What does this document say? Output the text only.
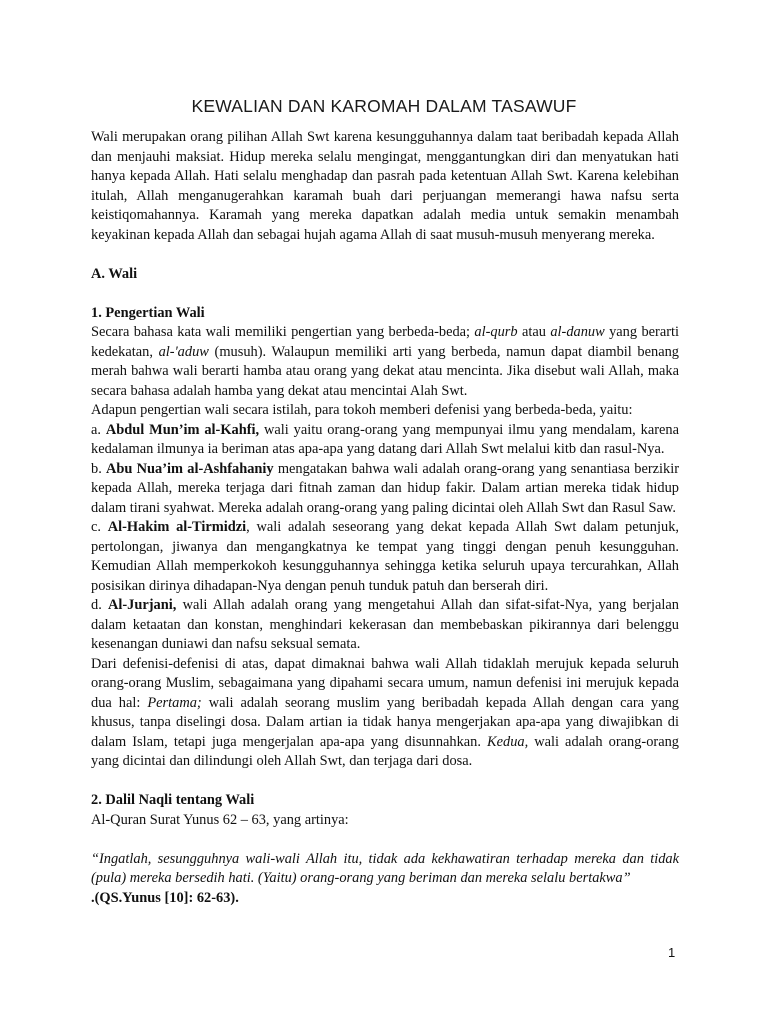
KEWALIAN DAN KAROMAH DALAM TASAWUF

Wali merupakan orang pilihan Allah Swt karena kesungguhannya dalam taat beribadah kepada Allah dan menjauhi maksiat. Hidup mereka selalu mengingat, menggantungkan diri dan menyatukan hati hanya kepada Allah. Hati selalu menghadap dan pasrah pada ketentuan Allah Swt. Karena kelebihan itulah, Allah menganugerahkan karamah buah dari perjuangan memerangi hawa nafsu serta keistiqomahannya. Karamah yang mereka dapatkan adalah media untuk semakin menambah keyakinan kepada Allah dan sebagai hujah agama Allah di saat musuh-musuh menyerang mereka.

A. Wali

1. Pengertian Wali

Secara bahasa kata wali memiliki pengertian yang berbeda-beda; al-qurb atau al-danuw yang berarti kedekatan, al-'aduw (musuh). Walaupun memiliki arti yang berbeda, namun dapat diambil benang merah bahwa wali berarti hamba atau orang yang dekat atau mencinta. Jika disebut wali Allah, maka secara bahasa adalah hamba yang dekat atau mencintai Alah Swt.

Adapun pengertian wali secara istilah, para tokoh memberi defenisi yang berbeda-beda, yaitu:

a. Abdul Mun’im al-Kahfi, wali yaitu orang-orang yang mempunyai ilmu yang mendalam, karena kedalaman ilmunya ia beriman atas apa-apa yang datang dari Allah Swt melalui kitb dan rasul-Nya.

b. Abu Nua’im al-Ashfahaniy mengatakan bahwa wali adalah orang-orang yang senantiasa berzikir kepada Allah, mereka terjaga dari fitnah zaman dan hidup fakir. Dalam artian mereka tidak hidup dalam tirani syahwat. Mereka adalah orang-orang yang paling dicintai oleh Allah Swt dan Rasul Saw.

c. Al-Hakim al-Tirmidzi, wali adalah seseorang yang dekat kepada Allah Swt dalam petunjuk, pertolongan, jiwanya dan mengangkatnya ke tempat yang tinggi dengan penuh kesungguhan. Kemudian Allah memperkokoh kesungguhannya sehingga ketika seluruh upaya tercurahkan, Allah posisikan dirinya dihadapan-Nya dengan penuh tunduk patuh dan berserah diri.

d. Al-Jurjani, wali Allah adalah orang yang mengetahui Allah dan sifat-sifat-Nya, yang berjalan dalam ketaatan dan konstan, menghindari kekerasan dan membebaskan pikirannya dari belenggu kesenangan duniawi dan nafsu seksual semata.

Dari defenisi-defenisi di atas, dapat dimaknai bahwa wali Allah tidaklah merujuk kepada seluruh orang-orang Muslim, sebagaimana yang dipahami secara umum, namun defenisi ini merujuk kepada dua hal: Pertama; wali adalah seorang muslim yang beribadah kepada Allah dengan cara yang khusus, tanpa diselingi dosa. Dalam artian ia tidak hanya mengerjakan apa-apa yang diwajibkan di dalam Islam, tetapi juga mengerjalan apa-apa yang disunnahkan. Kedua, wali adalah orang-orang yang dicintai dan dilindungi oleh Allah Swt, dan terjaga dari dosa.

2. Dalil Naqli tentang Wali

Al-Quran Surat Yunus 62 – 63, yang artinya:

“Ingatlah, sesungguhnya wali-wali Allah itu, tidak ada kekhawatiran terhadap mereka dan tidak (pula) mereka bersedih hati. (Yaitu) orang-orang yang beriman dan mereka selalu bertakwa”

.(QS.Yunus [10]: 62-63).

1
